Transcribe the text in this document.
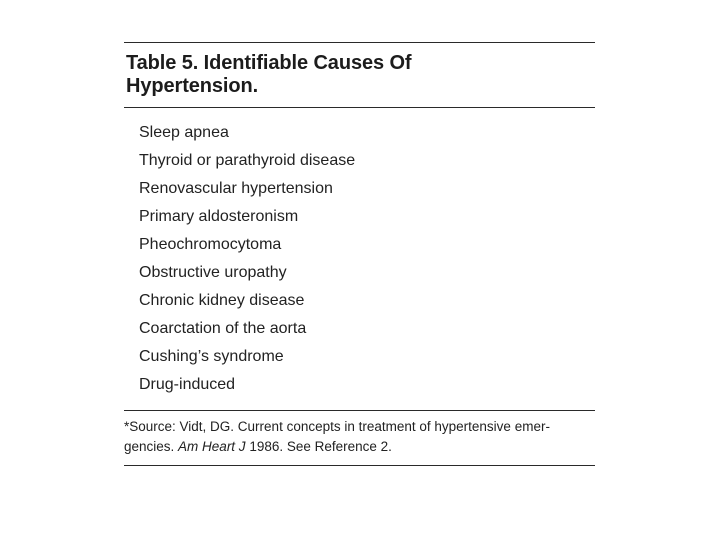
Table 5. Identifiable Causes Of
Hypertension.
Sleep apnea
Thyroid or parathyroid disease
Renovascular hypertension
Primary aldosteronism
Pheochromocytoma
Obstructive uropathy
Chronic kidney disease
Coarctation of the aorta
Cushing’s syndrome
Drug-induced

*Source: Vidt, DG. Current concepts in treatment of hypertensive emer-
gencies. Am Heart J 1986. See Reference 2.
